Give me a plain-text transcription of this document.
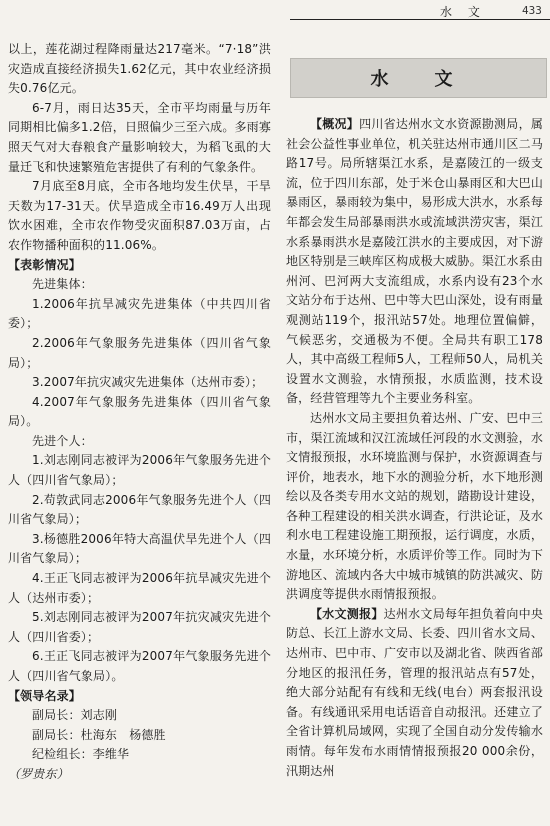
水 文	433

以上，莲花湖过程降雨量达217毫米。“7·18”洪灾造成直接经济损失1.62亿元，其中农业经济损失0.76亿元。

6-7月，雨日达35天，全市平均雨量与历年同期相比偏多1.2倍，日照偏少三至六成。多雨寡照天气对大春粮食产量影响较大，为稻飞虱的大量迁飞和快速繁殖危害提供了有利的气象条件。

7月底至8月底，全市各地均发生伏旱，干旱天数为17-31天。伏旱造成全市16.49万人出现饮水困难，全市农作物受灾面积87.03万亩，占农作物播种面积的11.06%。

【表彰情况】

先进集体：

1.2006年抗旱减灾先进集体（中共四川省委）；

2.2006年气象服务先进集体（四川省气象局）；

3.2007年抗灾减灾先进集体（达州市委）；

4.2007年气象服务先进集体（四川省气象局）。

先进个人：

1.刘志刚同志被评为2006年气象服务先进个人（四川省气象局）；

2.苟敦武同志2006年气象服务先进个人（四川省气象局）；

3.杨德胜2006年特大高温伏旱先进个人（四川省气象局）；

4.王正飞同志被评为2006年抗旱减灾先进个人（达州市委）；

5.刘志刚同志被评为2007年抗灾减灾先进个人（四川省委）；

6.王正飞同志被评为2007年气象服务先进个人（四川省气象局）。

【领导名录】

副局长：刘志刚

副局长：杜海东　杨德胜

纪检组长：李维华

（罗贵东）

水　文

【概况】四川省达州水文水资源勘测局，属社会公益性事业单位，机关驻达州市通川区二马路17号。局所辖渠江水系，是嘉陵江的一级支流，位于四川东部，处于米仓山暴雨区和大巴山暴雨区，暴雨较为集中，易形成大洪水，水系每年都会发生局部暴雨洪水或流域洪涝灾害，渠江水系暴雨洪水是嘉陵江洪水的主要成因，对下游地区特别是三峡库区构成极大威胁。渠江水系由州河、巴河两大支流组成，水系内设有23个水文站分布于达州、巴中等大巴山深处，设有雨量观测站119个，报汛站57处。地理位置偏僻，气候恶劣，交通极为不便。全局共有职工178人，其中高级工程师5人，工程师50人，局机关设置水文测验，水情预报，水质监测，技术设备，经营管理等九个主要业务科室。

达州水文局主要担负着达州、广安、巴中三市，渠江流域和汉江流域任河段的水文测验，水文情报预报，水环境监测与保护，水资源调查与评价，地表水，地下水的测验分析，水下地形测绘以及各类专用水文站的规划，踏勘设计建设，各种工程建设的相关洪水调查，行洪论证，及水利水电工程建设施工期预报，运行调度，水质，水量，水环境分析，水质评价等工作。同时为下游地区、流域内各大中城市城镇的防洪减灾、防洪调度等提供水雨情报预报。

【水文测报】达州水文局每年担负着向中央防总、长江上游水文局、长委、四川省水文局、达州市、巴中市、广安市以及湖北省、陕西省部分地区的报汛任务，管理的报汛站点有57处，绝大部分站配有有线和无线(电台）两套报汛设备。有线通讯采用电话语音自动报汛。还建立了全省计算机局域网，实现了全国自动分发传输水雨情。每年发布水雨情情报预报20 000余份，汛期达州
